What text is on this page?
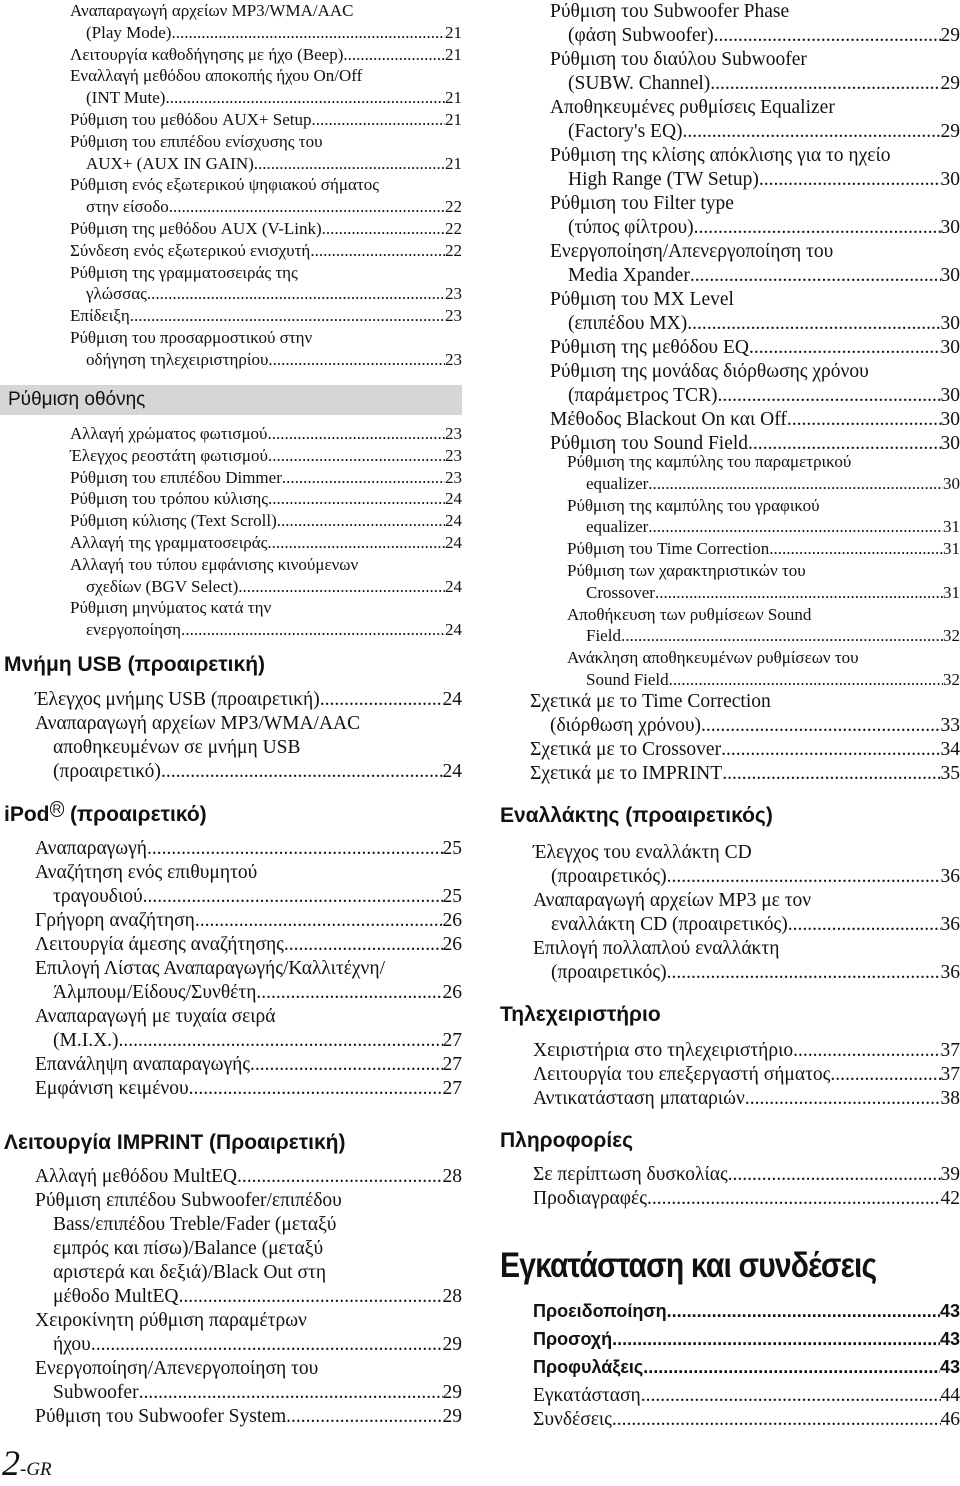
Αναπαραγωγή αρχείων MP3/WMA/AAC
(Play Mode) .....	21
Λειτουργία καθοδήγησης με ήχο (Beep) .....	21
Εναλλαγή μεθόδου αποκοπής ήχου On/Off
(INT Mute) .....	21
Ρύθμιση του μεθόδου AUX+ Setup .....	21
Ρύθμιση του επιπέδου ενίσχυσης του
AUX+ (AUX IN GAIN) .....	21
Ρύθμιση ενός εξωτερικού ψηφιακού σήματος
στην είσοδο .....	22
Ρύθμιση της μεθόδου AUX (V-Link) .....	22
Σύνδεση ενός εξωτερικού ενισχυτή .....	22
Ρύθμιση της γραμματοσειράς της
γλώσσας .....	23
Επίδειξη .....	23
Ρύθμιση του προσαρμοστικού στην
οδήγηση τηλεχειριστηρίου .....	23
Ρύθμιση οθόνης
Αλλαγή χρώματος φωτισμού .....	23
Έλεγχος ρεοστάτη φωτισμού .....	23
Ρύθμιση του επιπέδου Dimmer .....	23
Ρύθμιση του τρόπου κύλισης .....	24
Ρύθμιση κύλισης (Text Scroll) .....	24
Αλλαγή της γραμματοσειράς .....	24
Αλλαγή του τύπου εμφάνισης κινούμενων
σχεδίων (BGV Select) .....	24
Ρύθμιση μηνύματος κατά την
ενεργοποίηση .....	24
Μνήμη USB (προαιρετική)
Έλεγχος μνήμης USB (προαιρετική) .....	24
Αναπαραγωγή αρχείων MP3/WMA/AAC
αποθηκευμένων σε μνήμη USB
(προαιρετικό) .....	24
iPod $^R$ (προαιρετικό)
Αναπαραγωγή .....	25
Αναζήτηση ενός επιθυμητού
τραγουδιού .....	25
Γρήγορη αναζήτηση .....	26
Λειτουργία άμεσης αναζήτησης .....	26
Επιλογή Λίστας Αναπαραγωγής/Καλλιτέχνη/
Άλμπουμ/Είδους/Συνθέτη .....	26
Αναπαραγωγή με τυχαία σειρά
(M.I.X.) .....	27
Επανάληψη αναπαραγωγής .....	27
Εμφάνιση κειμένου .....	27
Λειτουργία IMPRINT (Προαιρετική)
Αλλαγή μεθόδου MultEQ .....	28
Ρύθμιση επιπέδου Subwoofer/επιπέδου
Bass/επιπέδου Treble/Fader (μεταξύ
εμπρός και πίσω)/Balance (μεταξύ
αριστερά και δεξιά)/Black Out στη
μέθοδο MultEQ .....	28
Χειροκίνητη ρύθμιση παραμέτρων
ήχου .....	29
Ενεργοποίηση/Απενεργοποίηση του
Subwoofer .....	29
Ρύθμιση του Subwoofer System .....	29
Ρύθμιση του Subwoofer Phase
(φάση Subwoofer) .....	29
Ρύθμιση του διαύλου Subwoofer
(SUBW. Channel) .....	29
Αποθηκευμένες ρυθμίσεις Equalizer
(Factory's EQ) .....	29
Ρύθμιση της κλίσης απόκλισης για το ηχείο
High Range (TW Setup) .....	30
Ρύθμιση του Filter type
(τύπος φίλτρου) .....	30
Ενεργοποίηση/Απενεργοποίηση του
Media Xpander .....	30
Ρύθμιση του MX Level
(επιπέδου MX) .....	30
Ρύθμιση της μεθόδου EQ .....	30
Ρύθμιση της μονάδας διόρθωσης χρόνου
(παράμετρος TCR) .....	30
Μέθοδος Blackout On και Off .....	30
Ρύθμιση του Sound Field .....	30
Ρύθμιση της καμπύλης του παραμετρικού
equalizer .....	30
Ρύθμιση της καμπύλης του γραφικού
equalizer .....	31
Ρύθμιση του Time Correction .....	31
Ρύθμιση των χαρακτηριστικών του
Crossover .....	31
Αποθήκευση των ρυθμίσεων Sound
Field .....	32
Ανάκληση αποθηκευμένων ρυθμίσεων του
Sound Field .....	32
Σχετικά με το Time Correction
(διόρθωση χρόνου) .....	33
Σχετικά με το Crossover .....	34
Σχετικά με το IMPRINT .....	35
Εναλλάκτης (προαιρετικός)
Έλεγχος του εναλλάκτη CD
(προαιρετικός) .....	36
Αναπαραγωγή αρχείων MP3 με τον
εναλλάκτη CD (προαιρετικός) .....	36
Επιλογή πολλαπλού εναλλάκτη
(προαιρετικός) .....	36
Τηλεχειριστήριο
Χειριστήρια στο τηλεχειριστήριο .....	37
Λειτουργία του επεξεργαστή σήματος .....	37
Αντικατάσταση μπαταριών .....	38
Πληροφορίες
Σε περίπτωση δυσκολίας .....	39
Προδιαγραφές .....	42
Εγκατάσταση και συνδέσεις
Προειδοποίηση .....	43
Προσοχή .....	43
Προφυλάξεις .....	43
Εγκατάσταση .....	44
Συνδέσεις .....	46
2-GR
